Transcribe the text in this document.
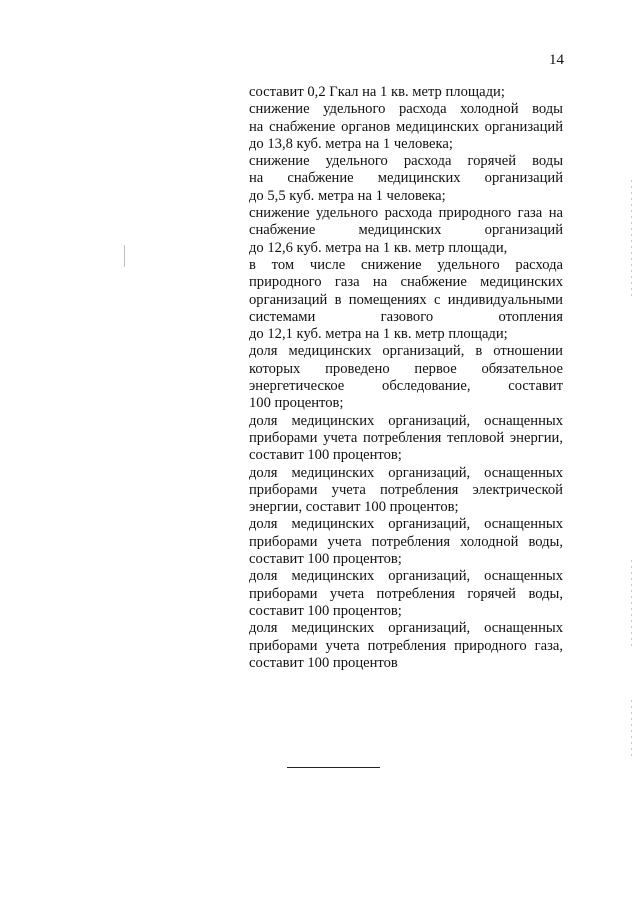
14

составит 0,2 Гкал на 1 кв. метр площади;

снижение удельного расхода холодной воды
на снабжение органов медицинских организаций
до 13,8 куб. метра на 1 человека;

снижение удельного расхода горячей воды
на снабжение медицинских организаций
до 5,5 куб. метра на 1 человека;

снижение удельного расхода природного газа на
снабжение медицинских организаций
до 12,6 куб. метра на 1 кв. метр площади,

в том числе снижение удельного расхода
природного газа на снабжение медицинских
организаций в помещениях с индивидуальными
системами газового отопления
до 12,1 куб. метра на 1 кв. метр площади;

доля медицинских организаций, в отношении
которых проведено первое обязательное
энергетическое обследование, составит
100 процентов;

доля медицинских организаций, оснащенных
приборами учета потребления тепловой энергии,
составит 100 процентов;

доля медицинских организаций, оснащенных
приборами учета потребления электрической
энергии, составит 100 процентов;

доля медицинских организаций, оснащенных
приборами учета потребления холодной воды,
составит 100 процентов;

доля медицинских организаций, оснащенных
приборами учета потребления горячей воды,
составит 100 процентов;

доля медицинских организаций, оснащенных
приборами учета потребления природного газа,
составит 100 процентов
